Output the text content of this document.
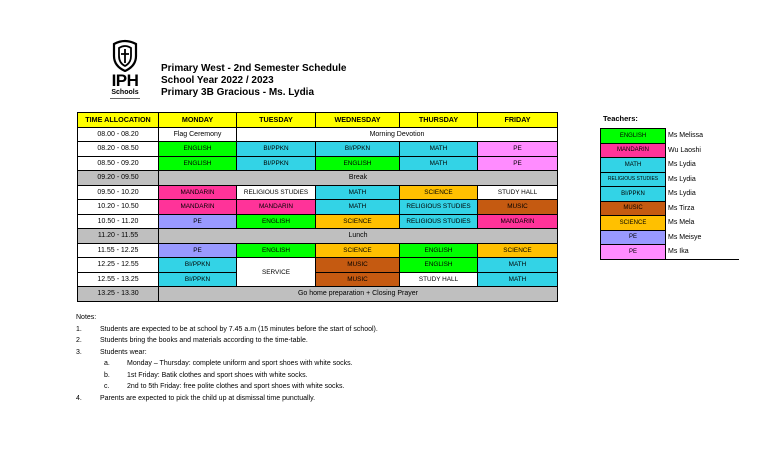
IPH
Schools
Primary West - 2nd Semester Schedule
School Year 2022 / 2023
Primary 3B Gracious - Ms. Lydia
TIME ALLOCATION	MONDAY	TUESDAY	WEDNESDAY	THURSDAY	FRIDAY
08.00 - 08.20	Flag Ceremony	Morning Devotion			
08.20 - 08.50	ENGLISH	BI/PPKN	BI/PPKN	MATH	PE
08.50 - 09.20	ENGLISH	BI/PPKN	ENGLISH	MATH	PE
09.20 - 09.50	Break				
09.50 - 10.20	MANDARIN	RELIGIOUS STUDIES	MATH	SCIENCE	STUDY HALL
10.20 - 10.50	MANDARIN	MANDARIN	MATH	RELIGIOUS STUDIES	MUSIC
10.50 - 11.20	PE	ENGLISH	SCIENCE	RELIGIOUS STUDIES	MANDARIN
11.20 - 11.55	Lunch				
11.55 - 12.25	PE	ENGLISH	SCIENCE	ENGLISH	SCIENCE
12.25 - 12.55	BI/PPKN	SERVICE	MUSIC	ENGLISH	MATH
12.55 - 13.25	BI/PPKN		MUSIC	STUDY HALL	MATH
13.25 - 13.30	Go home preparation + Closing Prayer				
Teachers:
ENGLISH	Ms Melissa
MANDARIN	Wu Laoshi
MATH	Ms Lydia
RELIGIOUS STUDIES	Ms Lydia
BI/PPKN	Ms Lydia
MUSIC	Ms Tirza
SCIENCE	Ms Mela
PE	Ms Meisye
PE	Ms Ika
Notes:
1.	Students are expected to be at school by 7.45 a.m (15 minutes before the start of school).
2.	Students bring the books and materials according to the time-table.
3.	Students wear:
a. Monday – Thursday: complete uniform and sport shoes with white socks.
b. 1st Friday: Batik clothes and sport shoes with white socks.
c.	2nd to 5th Friday: free polite clothes and sport shoes with white socks.
4.	Parents are expected to pick the child up at dismissal time punctually.
